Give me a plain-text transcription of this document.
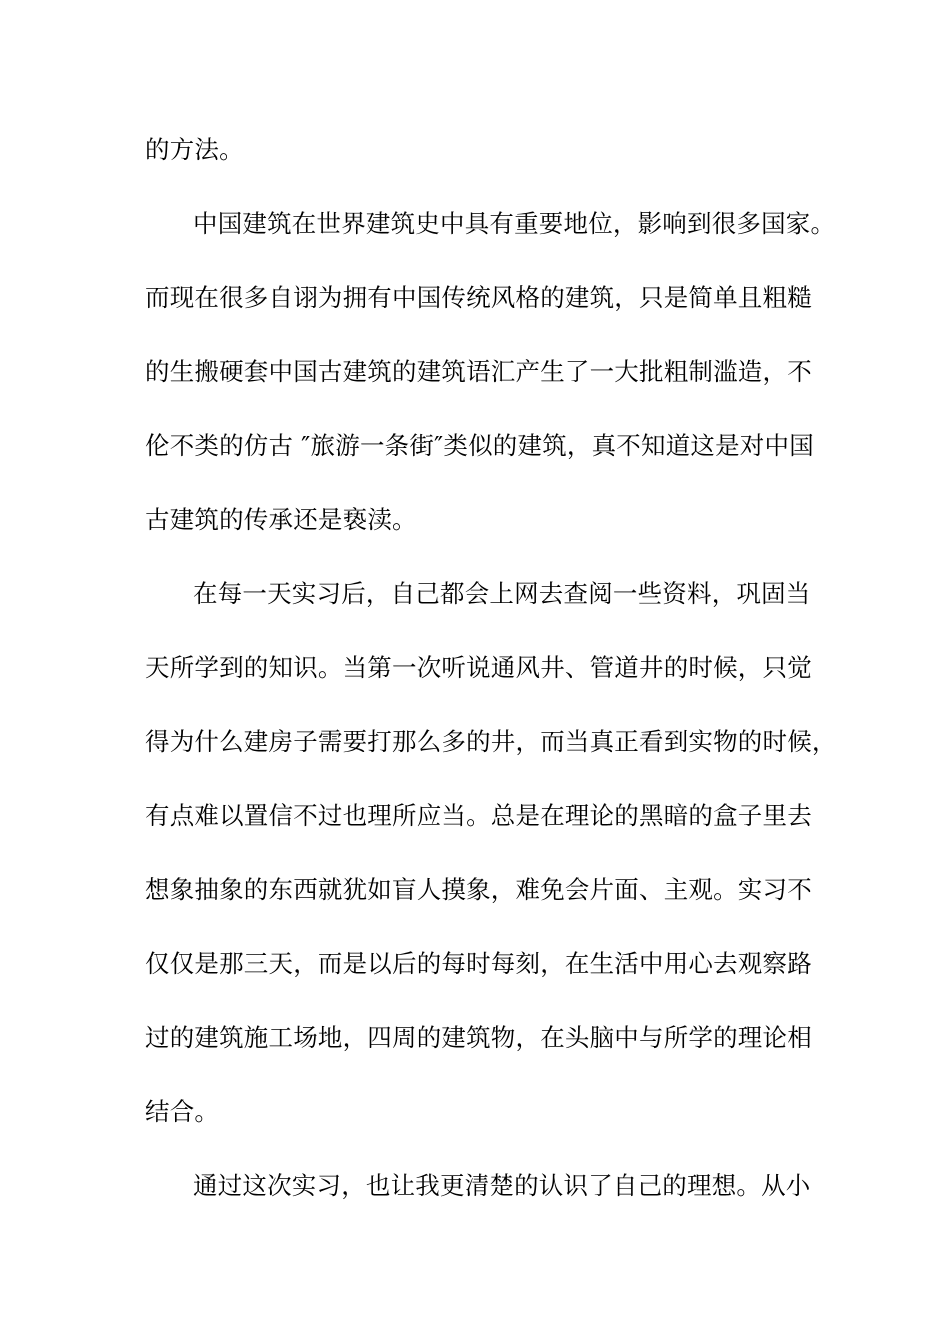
的方法。
中国建筑在世界建筑史中具有重要地位，影响到很多国家。
而现在很多自诩为拥有中国传统风格的建筑，只是简单且粗糙
的生搬硬套中国古建筑的建筑语汇产生了一大批粗制滥造，不
伦不类的仿古 ″旅游一条街″类似的建筑，真不知道这是对中国
古建筑的传承还是亵渎。
在每一天实习后，自己都会上网去查阅一些资料，巩固当
天所学到的知识。当第一次听说通风井、管道井的时候，只觉
得为什么建房子需要打那么多的井，而当真正看到实物的时候，
有点难以置信不过也理所应当。总是在理论的黑暗的盒子里去
想象抽象的东西就犹如盲人摸象，难免会片面、主观。实习不
仅仅是那三天，而是以后的每时每刻，在生活中用心去观察路
过的建筑施工场地，四周的建筑物，在头脑中与所学的理论相
结合。
通过这次实习，也让我更清楚的认识了自己的理想。从小
